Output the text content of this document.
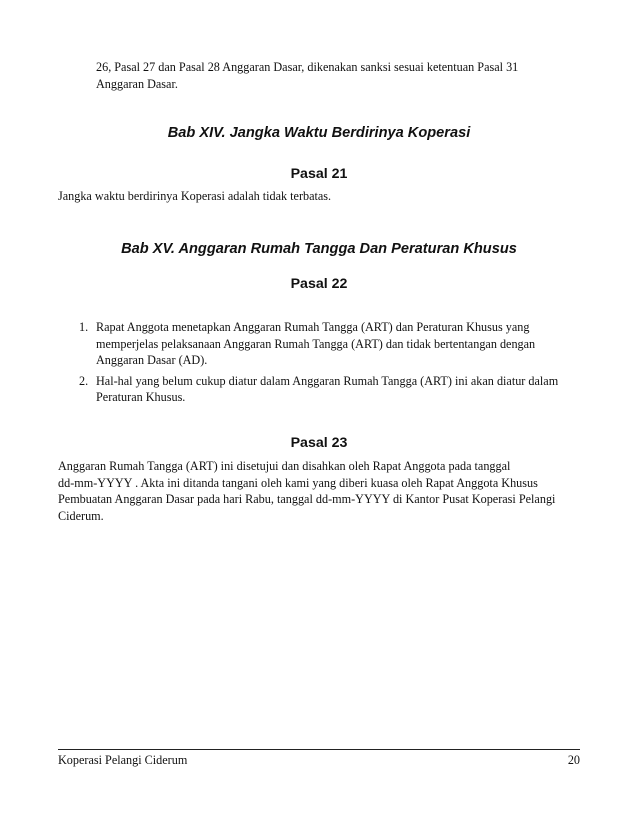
26, Pasal 27 dan Pasal 28 Anggaran Dasar, dikenakan sanksi sesuai ketentuan Pasal 31
Anggaran Dasar.
Bab XIV. Jangka Waktu Berdirinya Koperasi
Pasal 21
Jangka waktu berdirinya Koperasi adalah tidak terbatas.
Bab XV. Anggaran Rumah Tangga Dan Peraturan Khusus
Pasal 22
1. Rapat Anggota menetapkan Anggaran Rumah Tangga (ART) dan Peraturan Khusus yang
memperjelas pelaksanaan Anggaran Rumah Tangga (ART) dan tidak bertentangan dengan
Anggaran Dasar (AD).
2. Hal-hal yang belum cukup diatur dalam Anggaran Rumah Tangga (ART) ini akan diatur dalam
Peraturan Khusus.
Pasal 23
Anggaran Rumah Tangga (ART) ini disetujui dan disahkan oleh Rapat Anggota pada tanggal
dd-mm-YYYY . Akta ini ditanda tangani oleh kami yang diberi kuasa oleh Rapat Anggota Khusus
Pembuatan Anggaran Dasar pada hari Rabu, tanggal dd-mm-YYYY di Kantor Pusat Koperasi Pelangi
Ciderum.
Koperasi Pelangi Ciderum	20
